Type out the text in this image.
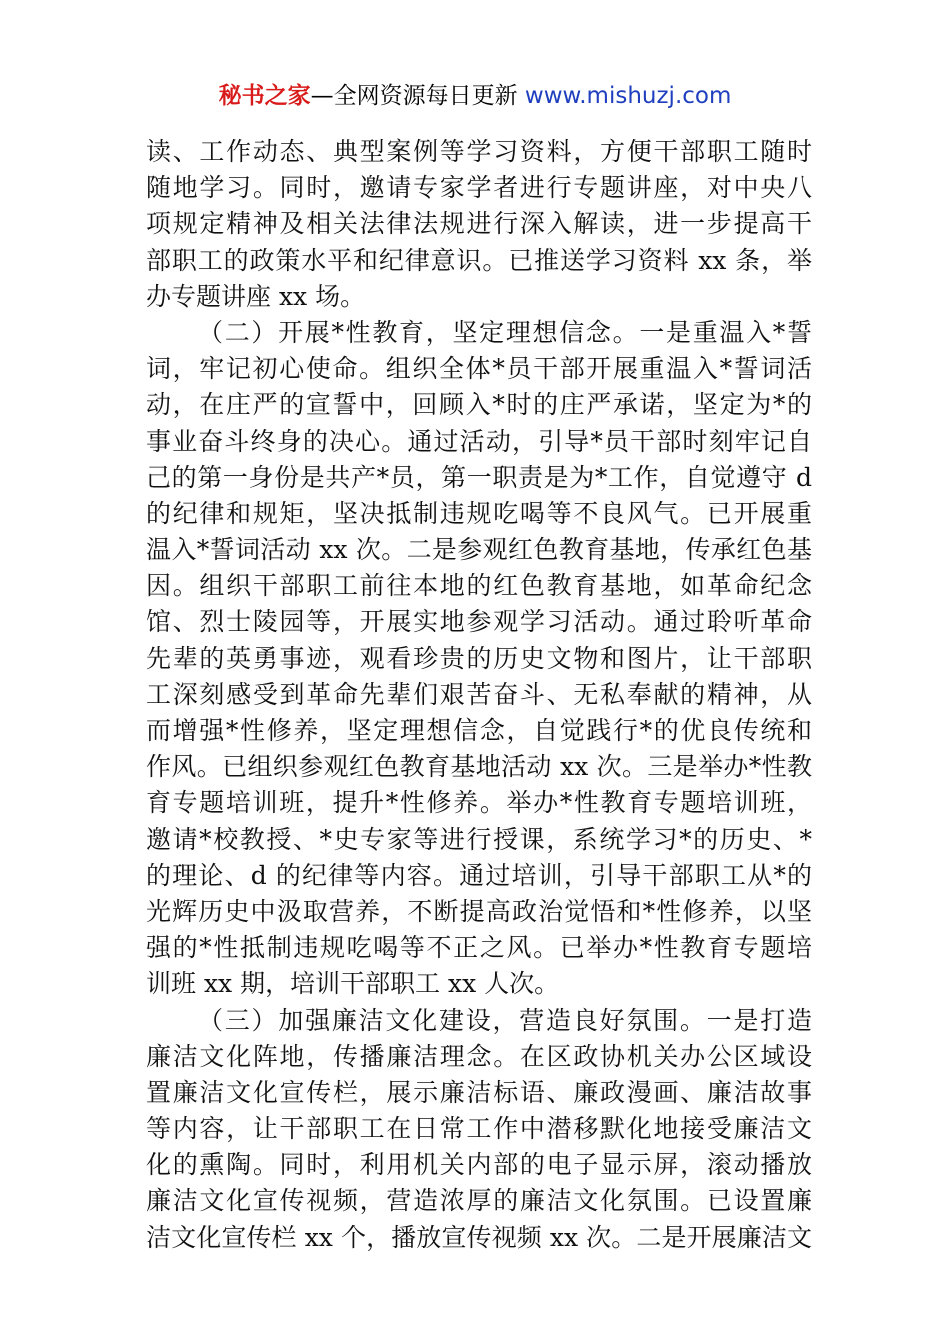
秘书之家—全网资源每日更新 www.mishuzj.com
读、工作动态、典型案例等学习资料，方便干部职工随时
随地学习。同时，邀请专家学者进行专题讲座，对中央八
项规定精神及相关法律法规进行深入解读，进一步提高干
部职工的政策水平和纪律意识。已推送学习资料 xx 条，举
办专题讲座 xx 场。
（二）开展*性教育，坚定理想信念。一是重温入*誓
词，牢记初心使命。组织全体*员干部开展重温入*誓词活
动，在庄严的宣誓中，回顾入*时的庄严承诺，坚定为*的
事业奋斗终身的决心。通过活动，引导*员干部时刻牢记自
己的第一身份是共产*员，第一职责是为*工作，自觉遵守 d
的纪律和规矩，坚决抵制违规吃喝等不良风气。已开展重
温入*誓词活动 xx 次。二是参观红色教育基地，传承红色基
因。组织干部职工前往本地的红色教育基地，如革命纪念
馆、烈士陵园等，开展实地参观学习活动。通过聆听革命
先辈的英勇事迹，观看珍贵的历史文物和图片，让干部职
工深刻感受到革命先辈们艰苦奋斗、无私奉献的精神，从
而增强*性修养，坚定理想信念，自觉践行*的优良传统和
作风。已组织参观红色教育基地活动 xx 次。三是举办*性教
育专题培训班，提升*性修养。举办*性教育专题培训班，
邀请*校教授、*史专家等进行授课，系统学习*的历史、*
的理论、d 的纪律等内容。通过培训，引导干部职工从*的
光辉历史中汲取营养，不断提高政治觉悟和*性修养，以坚
强的*性抵制违规吃喝等不正之风。已举办*性教育专题培
训班 xx 期，培训干部职工 xx 人次。
（三）加强廉洁文化建设，营造良好氛围。一是打造
廉洁文化阵地，传播廉洁理念。在区政协机关办公区域设
置廉洁文化宣传栏，展示廉洁标语、廉政漫画、廉洁故事
等内容，让干部职工在日常工作中潜移默化地接受廉洁文
化的熏陶。同时，利用机关内部的电子显示屏，滚动播放
廉洁文化宣传视频，营造浓厚的廉洁文化氛围。已设置廉
洁文化宣传栏 xx 个，播放宣传视频 xx 次。二是开展廉洁文
